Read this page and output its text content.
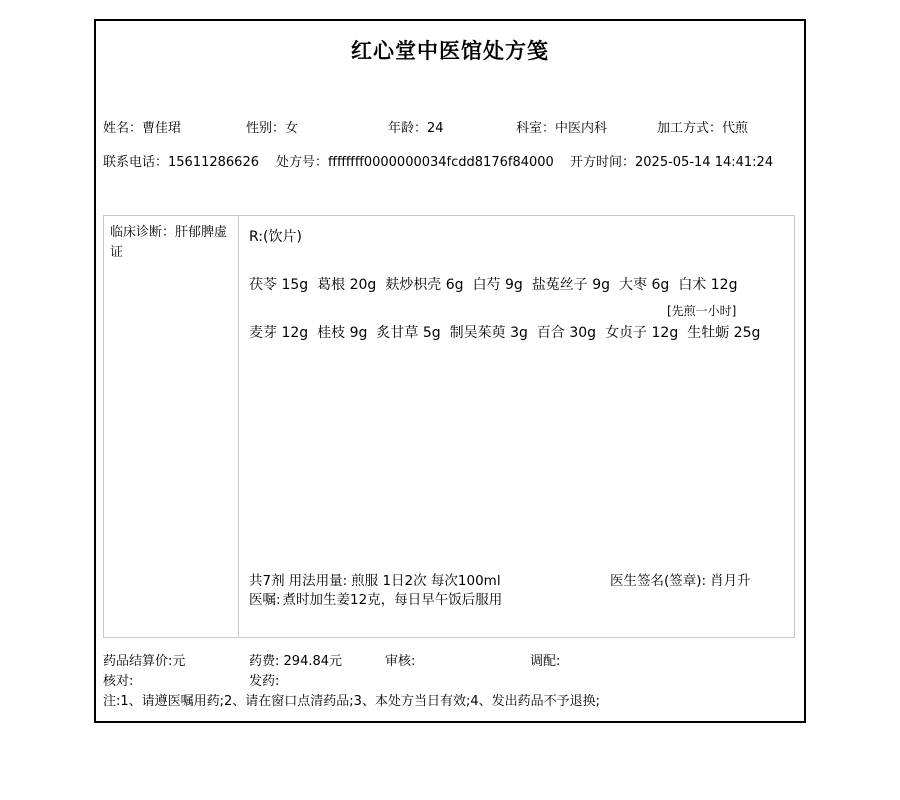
红心堂中医馆处方笺
姓名：曹佳珺	性别：女	年龄：24	科室：中医内科	加工方式：代煎
联系电话：15611286626 处方号：ffffffff0000000034fcdd8176f84000 开方时间：2025-05-14 14:41:24
临床诊断：肝郁脾虚证
R:(饮片)
茯苓 15g 葛根 20g 麸炒枳壳 6g 白芍 9g 盐菟丝子 9g 大枣 6g 白术 12g
[先煎一小时]
麦芽 12g 桂枝 9g 炙甘草 5g 制吴茱萸 3g 百合 30g 女贞子 12g 生牡蛎 25g
共7剂 用法用量: 煎服 1日2次 每次100ml	医生签名(签章): 肖月升
医嘱: 煮时加生姜12克，每日早午饭后服用
药品结算价:元	药费: 294.84元	审核:	调配:
核对:	发药:
注:1、请遵医嘱用药;2、请在窗口点清药品;3、本处方当日有效;4、发出药品不予退换;
